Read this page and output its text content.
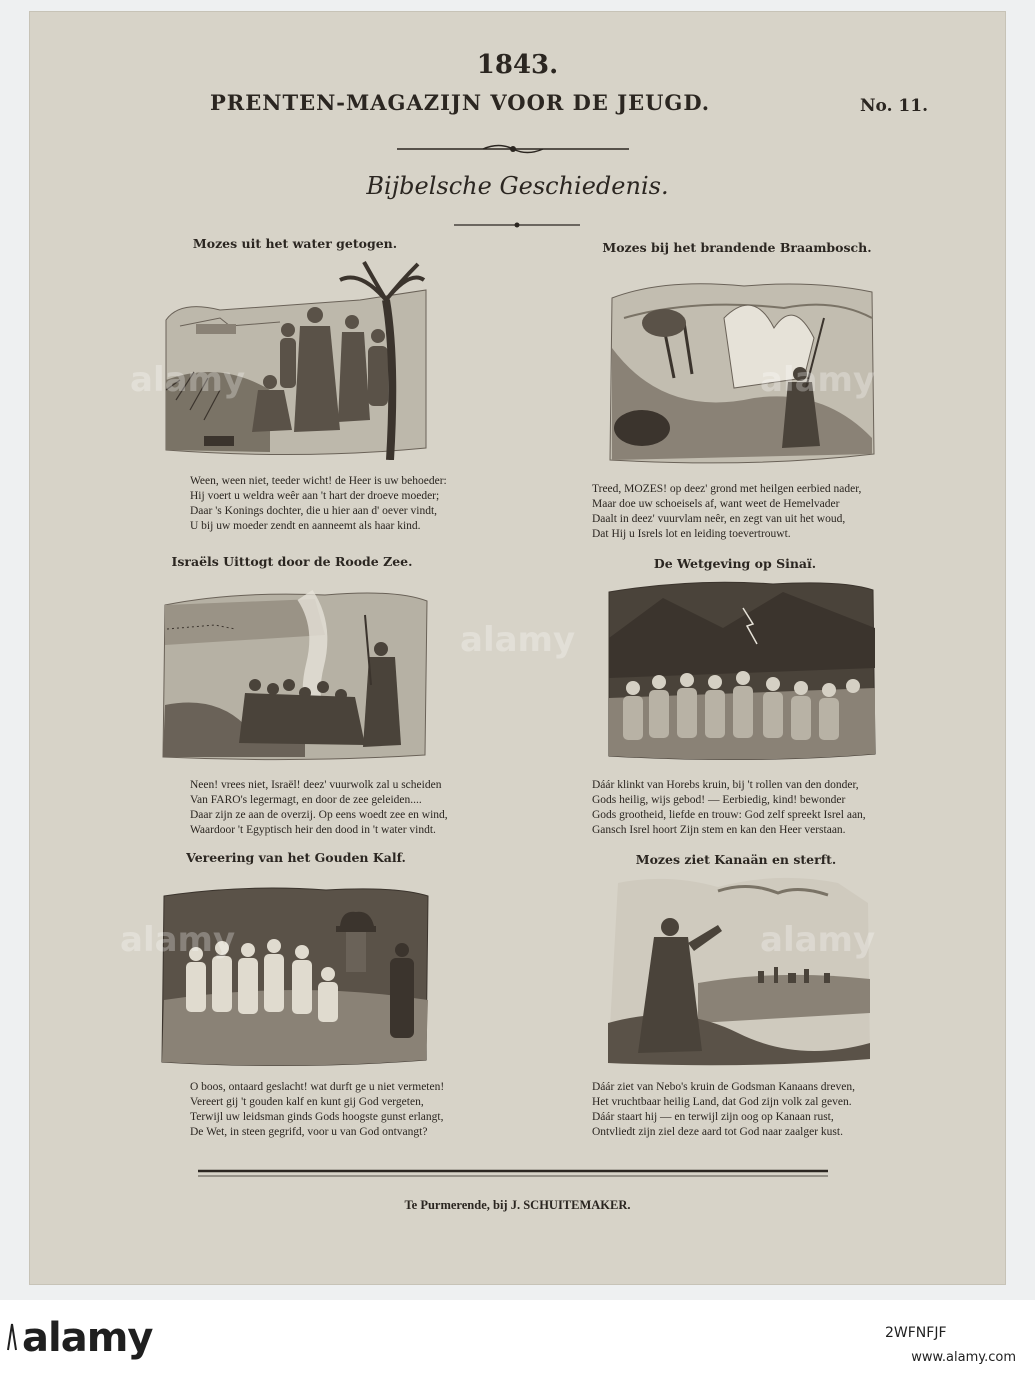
1843.
PRENTEN-MAGAZIJN VOOR DE JEUGD.	No. 11.
Bijbelsche Geschiedenis.
Mozes uit het water getogen.
Ween, ween niet, teeder wicht! de Heer is uw behoeder:
Hij voert u weldra weêr aan 't hart der droeve moeder;
Daar 's Konings dochter, die u hier aan d' oever vindt,
U bij uw moeder zendt en aanneemt als haar kind.
Mozes bij het brandende Braambosch.
Treed, MOZES! op deez' grond met heilgen eerbied nader,
Maar doe uw schoeisels af, want weet de Hemelvader
Daalt in deez' vuurvlam neêr, en zegt van uit het woud,
Dat Hij u Isrels lot en leiding toevertrouwt.
Israëls Uittogt door de Roode Zee.
Neen! vrees niet, Israël! deez' vuurwolk zal u scheiden
Van FARO's legermagt, en door de zee geleiden....
Daar zijn ze aan de overzij. Op eens woedt zee en wind,
Waardoor 't Egyptisch heir den dood in 't water vindt.
De Wetgeving op Sinaï.
Dáár klinkt van Horebs kruin, bij 't rollen van den donder,
Gods heilig, wijs gebod! — Eerbiedig, kind! bewonder
Gods grootheid, liefde en trouw: God zelf spreekt Isrel aan,
Gansch Isrel hoort Zijn stem en kan den Heer verstaan.
Vereering van het Gouden Kalf.
O boos, ontaard geslacht! wat durft ge u niet vermeten!
Vereert gij 't gouden kalf en kunt gij God vergeten,
Terwijl uw leidsman ginds Gods hoogste gunst erlangt,
De Wet, in steen gegrifd, voor u van God ontvangt?
Mozes ziet Kanaän en sterft.
Dáár ziet van Nebo's kruin de Godsman Kanaans dreven,
Het vruchtbaar heilig Land, dat God zijn volk zal geven.
Dáár staart hij — en terwijl zijn oog op Kanaan rust,
Ontvliedt zijn ziel deze aard tot God naar zaalger kust.
Te Purmerende, bij J. SCHUITEMAKER.
alamy
alamy
alamy
alamy	alamy
alamy	2WFNFJF
www.alamy.com
